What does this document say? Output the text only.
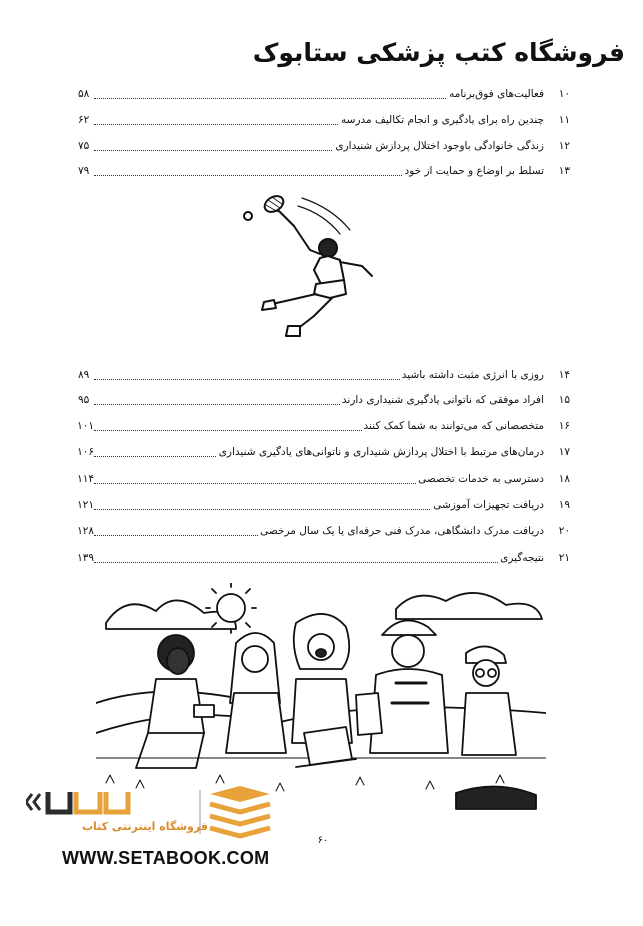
فروشگاه کتب پزشکی ستابوک
۱۰
فعالیت‌های فوق‌برنامه
۵۸
۱۱
چندین راه برای یادگیری و انجام تکالیف مدرسه
۶۲
۱۲
زندگی خانوادگی باوجود اختلال پردازش شنیداری
۷۵
۱۳
تسلط بر اوضاع و حمایت از خود
۷۹
۱۴
روزی با انرژی مثبت داشته باشید
۸۹
۱۵
افراد موفقی که ناتوانی یادگیری شنیداری دارند
۹۵
۱۶
متخصصانی که می‌توانند به شما کمک کنند
۱۰۱
۱۷
درمان‌های مرتبط با اختلال پردازش شنیداری و ناتوانی‌های یادگیری شنیداری
۱۰۶
۱۸
دسترسی به خدمات تخصصی
۱۱۴
۱۹
دریافت تجهیزات آموزشی
۱۲۱
۲۰
دریافت مدرک دانشگاهی، مدرک فنی حرفه‌ای یا یک سال مرخصی
۱۲۸
۲۱
نتیجه‌گیری
۱۳۹
۶۰
فروشگاه اینترنتی کتاب
WWW.SETABOOK.COM
